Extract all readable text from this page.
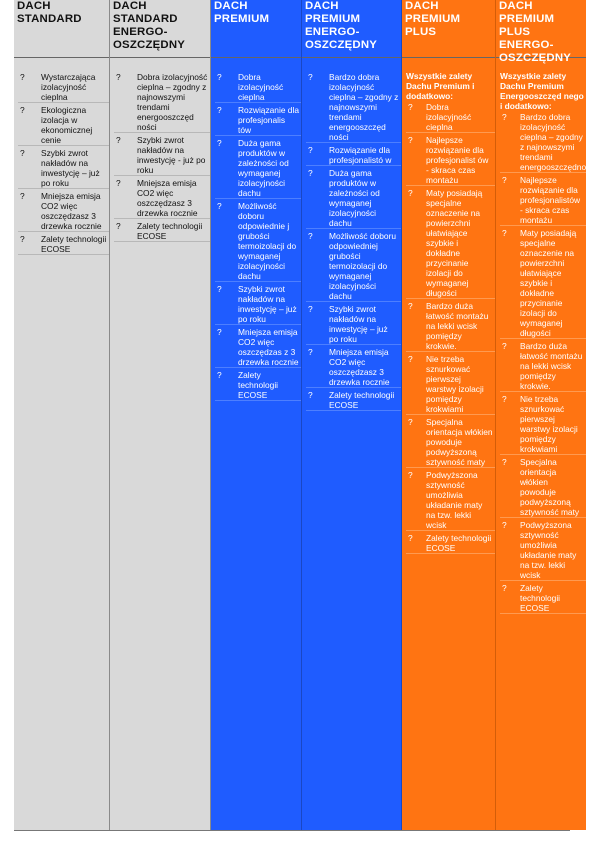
DACH
STANDARD
? Wystarczająca izolacyjność cieplna
? Ekologiczna izolacja w ekonomicznej cenie
? Szybki zwrot nakładów na inwestycję – już po roku
? Mniejsza emisja CO2 więc oszczędzasz 3 drzewka rocznie
? Zalety technologii ECOSE
DACH
STANDARD
ENERGO-
OSZCZĘDNY
? Dobra izolacyjność cieplna – zgodny z najnowszymi trendami energooszczęd ności
? Szybki zwrot nakładów na inwestycję - już po roku
? Mniejsza emisja CO2 więc oszczędzasz 3 drzewka rocznie
? Zalety technologii ECOSE
DACH
PREMIUM
? Dobra izolacyjność cieplna
? Rozwiązanie dla profesjonalis tów
? Duża gama produktów w zależności od wymaganej izolacyjności dachu
? Możliwość doboru odpowiednie j grubości termoizolacji do wymaganej izolacyjności dachu
? Szybki zwrot nakładów na inwestycję – już po roku
? Mniejsza emisja CO2 więc oszczędzas z 3 drzewka rocznie
? Zalety technologii ECOSE
DACH
PREMIUM
ENERGO-
OSZCZĘDNY
? Bardzo dobra izolacyjność cieplna – zgodny z najnowszymi trendami energooszczęd ności
? Rozwiązanie dla profesjonalistó w
? Duża gama produktów w zależności od wymaganej izolacyjności dachu
? Możliwość doboru odpowiedniej grubości termoizolacji do wymaganej izolacyjności dachu
? Szybki zwrot nakładów na inwestycję – już po roku
? Mniejsza emisja CO2 więc oszczędzasz 3 drzewka rocznie
? Zalety technologii ECOSE
DACH
PREMIUM
PLUS
Wszystkie zalety Dachu Premium i dodatkowo:
? Dobra izolacyjność cieplna
? Najlepsze rozwiązanie dla profesjonalist ów - skraca czas montażu
? Maty posiadają specjalne oznaczenie na powierzchni ułatwiające szybkie i dokładne przycinanie izolacji do wymaganej długości
? Bardzo duża łatwość montażu na lekki wcisk pomiędzy krokwie.
? Nie trzeba sznurkować pierwszej warstwy izolacji pomiędzy krokwiami
? Specjalna orientacja włókien powoduje podwyższoną sztywność maty
? Podwyższona sztywność umożliwia układanie maty na tzw. lekki wcisk
? Zalety technologii ECOSE
DACH
PREMIUM
PLUS
ENERGO-
OSZCZĘDNY
Wszystkie zalety Dachu Premium Energooszczęd nego i dodatkowo:
? Bardzo dobra izolacyjność cieplna – zgodny z najnowszymi trendami energooszczędności
? Najlepsze rozwiązanie dla profesjonalistów - skraca czas montażu
? Maty posiadają specjalne oznaczenie na powierzchni ułatwiające szybkie i dokładne przycinanie izolacji do wymaganej długości
? Bardzo duża łatwość montażu na lekki wcisk pomiędzy krokwie.
? Nie trzeba sznurkować pierwszej warstwy izolacji pomiędzy krokwiami
? Specjalna orientacja włókien powoduje podwyższoną sztywność maty
? Podwyższona sztywność umożliwia układanie maty na tzw. lekki wcisk
? Zalety technologii ECOSE
